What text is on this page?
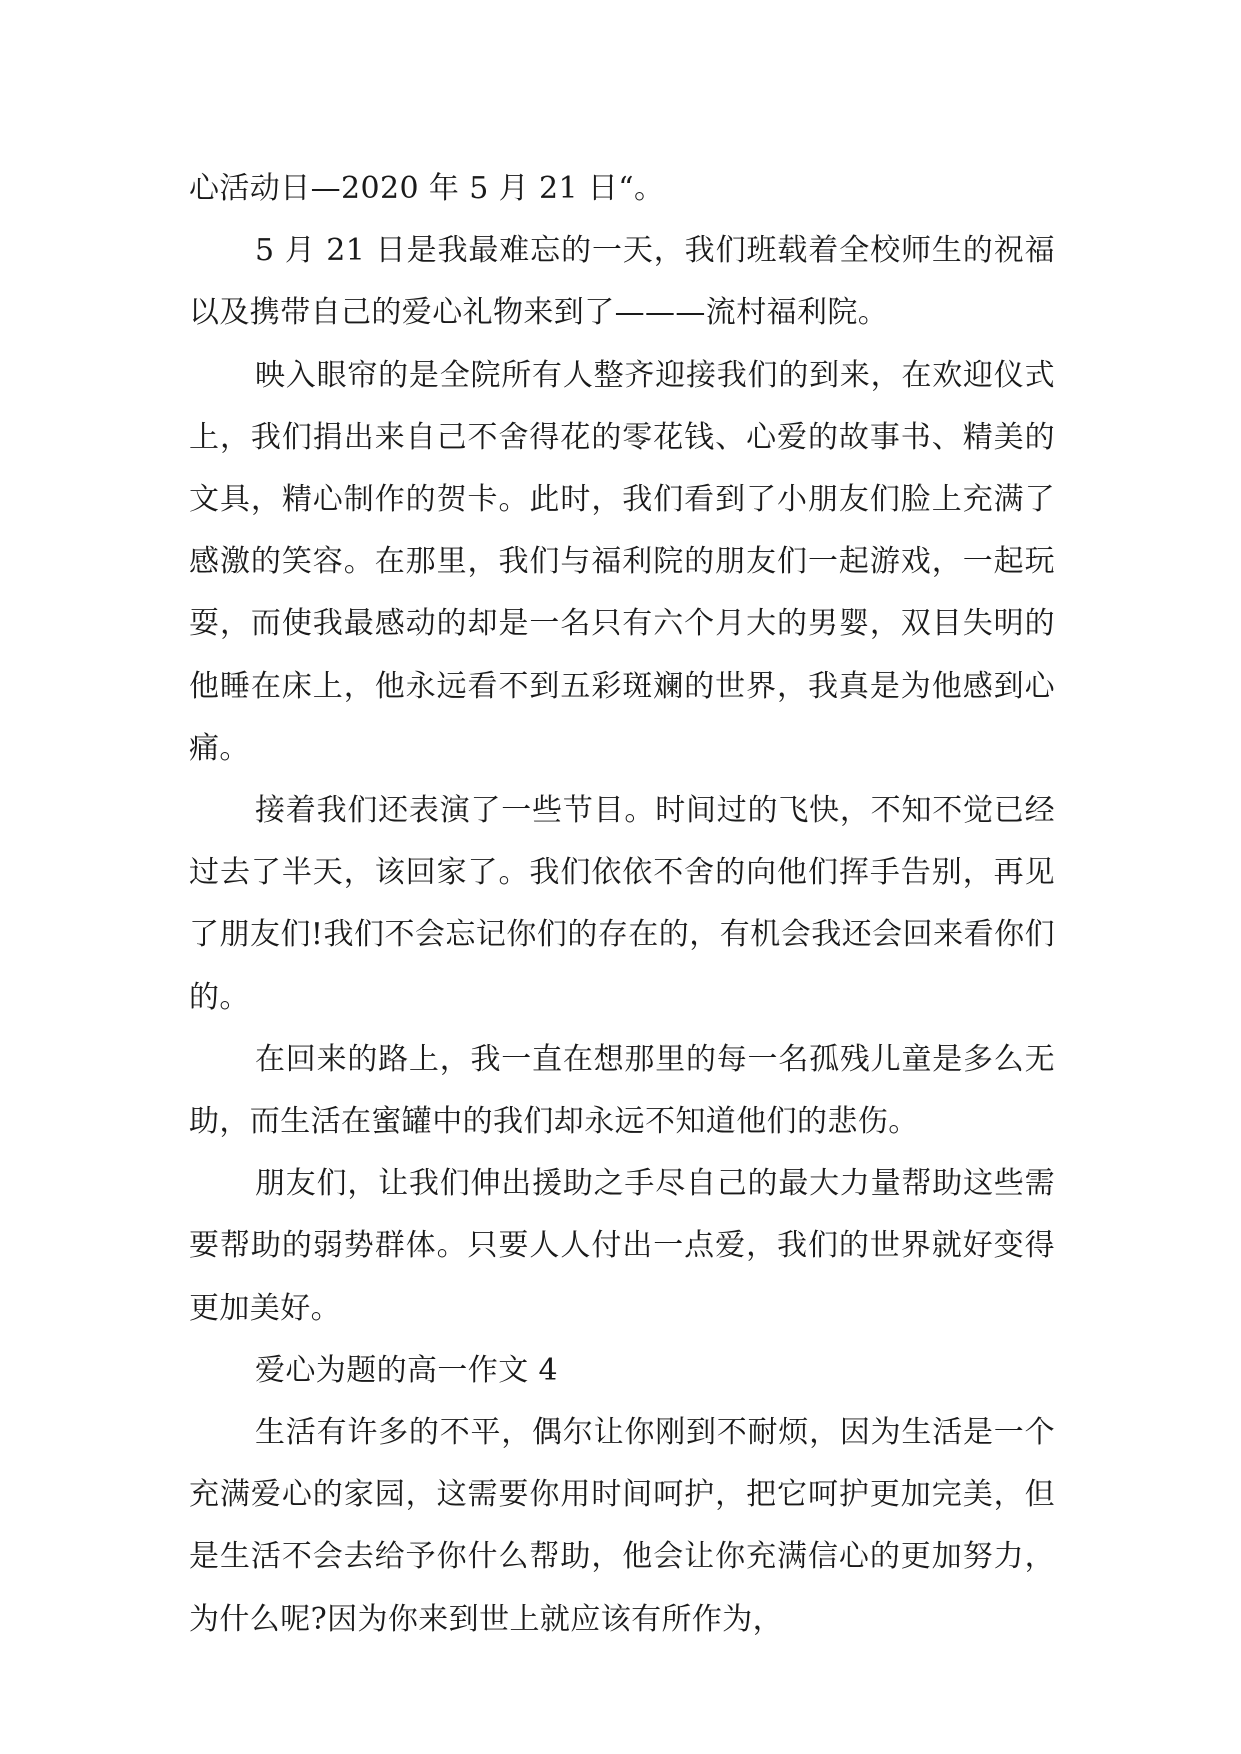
心活动日—2020 年 5 月 21 日“。

5 月 21 日是我最难忘的一天，我们班载着全校师生的祝福以及携带自己的爱心礼物来到了———流村福利院。

映入眼帘的是全院所有人整齐迎接我们的到来，在欢迎仪式上，我们捐出来自己不舍得花的零花钱、心爱的故事书、精美的文具，精心制作的贺卡。此时，我们看到了小朋友们脸上充满了感激的笑容。在那里，我们与福利院的朋友们一起游戏，一起玩耍，而使我最感动的却是一名只有六个月大的男婴，双目失明的他睡在床上，他永远看不到五彩斑斓的世界，我真是为他感到心痛。

接着我们还表演了一些节目。时间过的飞快，不知不觉已经过去了半天，该回家了。我们依依不舍的向他们挥手告别，再见了朋友们!我们不会忘记你们的存在的，有机会我还会回来看你们的。

在回来的路上，我一直在想那里的每一名孤残儿童是多么无助，而生活在蜜罐中的我们却永远不知道他们的悲伤。

朋友们，让我们伸出援助之手尽自己的最大力量帮助这些需要帮助的弱势群体。只要人人付出一点爱，我们的世界就好变得更加美好。

爱心为题的高一作文 4

生活有许多的不平，偶尔让你刚到不耐烦，因为生活是一个充满爱心的家园，这需要你用时间呵护，把它呵护更加完美，但是生活不会去给予你什么帮助，他会让你充满信心的更加努力，为什么呢?因为你来到世上就应该有所作为，
